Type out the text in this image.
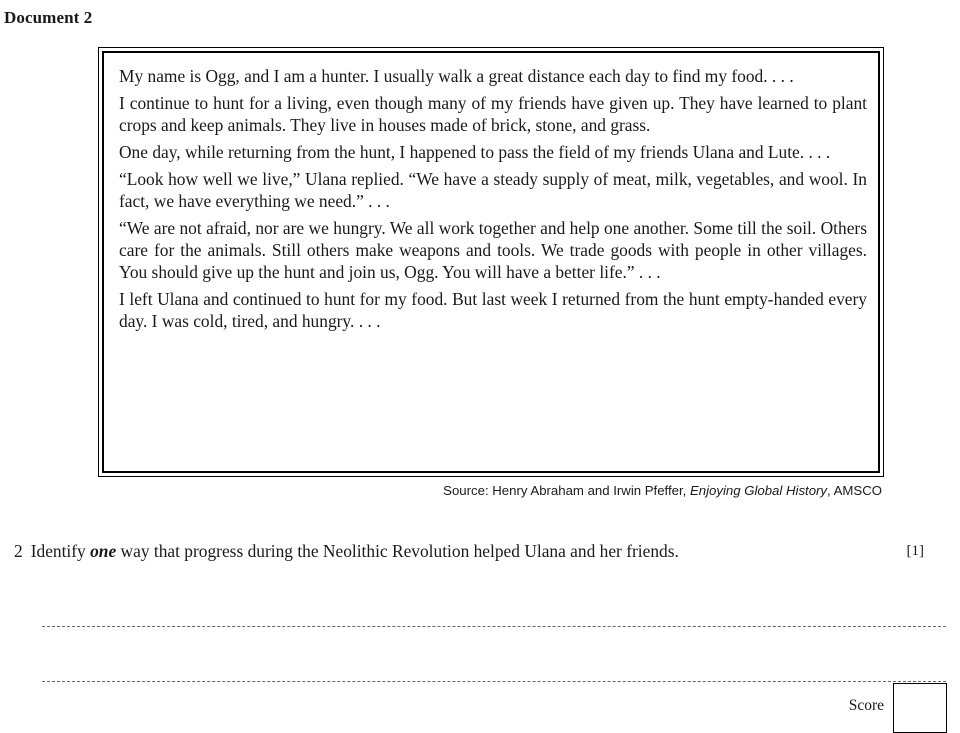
Document 2

My name is Ogg, and I am a hunter. I usually walk a great distance each day to find my food. . . .

I continue to hunt for a living, even though many of my friends have given up. They have learned to plant crops and keep animals. They live in houses made of brick, stone, and grass.

One day, while returning from the hunt, I happened to pass the field of my friends Ulana and Lute. . . .

“Look how well we live,” Ulana replied. “We have a steady supply of meat, milk, vegetables, and wool. In fact, we have everything we need.” . . .

“We are not afraid, nor are we hungry. We all work together and help one another. Some till the soil. Others care for the animals. Still others make weapons and tools. We trade goods with people in other villages. You should give up the hunt and join us, Ogg. You will have a better life.” . . .

I left Ulana and continued to hunt for my food. But last week I returned from the hunt empty-handed every day. I was cold, tired, and hungry. . . .

Source: Henry Abraham and Irwin Pfeffer, Enjoying Global History, AMSCO
2 Identify one way that progress during the Neolithic Revolution helped Ulana and her friends.	[1]
Score
